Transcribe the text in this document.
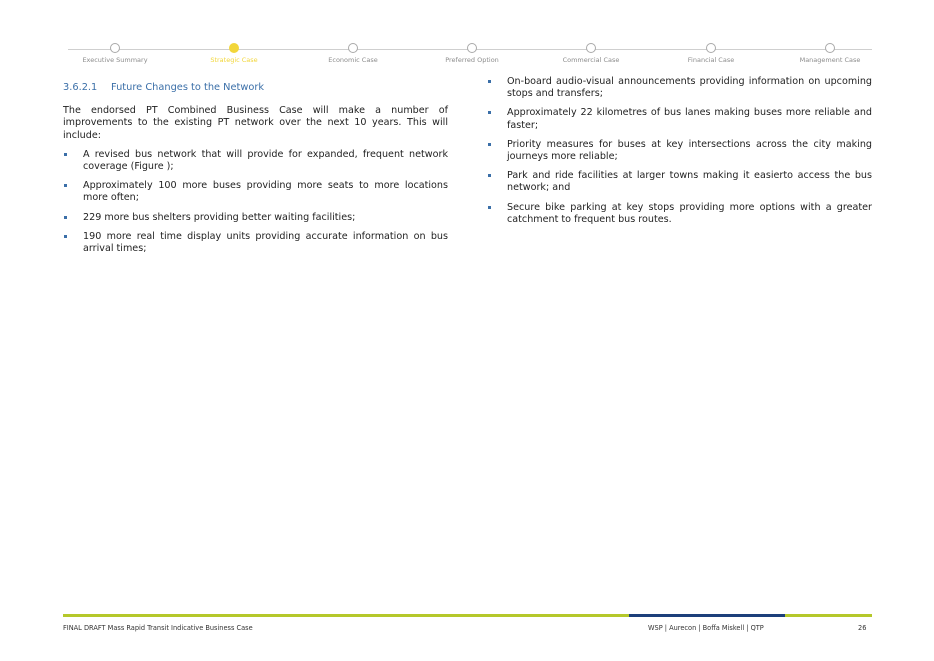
Executive Summary	Strategic Case	Economic Case	Preferred Option	Commercial Case	Financial Case	Management Case
3.6.2.1 Future Changes to the Network

The endorsed PT Combined Business Case will make a number of improvements to the existing PT network over the next 10 years. This will include:

A revised bus network that will provide for expanded, frequent network coverage (Figure );
Approximately 100 more buses providing more seats to more locations more often;
229 more bus shelters providing better waiting facilities;
190 more real time display units providing accurate information on bus arrival times;
On-board audio-visual announcements providing information on upcoming stops and transfers;
Approximately 22 kilometres of bus lanes making buses more reliable and faster;
Priority measures for buses at key intersections across the city making journeys more reliable;
Park and ride facilities at larger towns making it easierto access the bus network; and
Secure bike parking at key stops providing more options with a greater catchment to frequent bus routes.
FINAL DRAFT Mass Rapid Transit Indicative Business Case	WSP | Aurecon | Boffa Miskell | QTP	26
